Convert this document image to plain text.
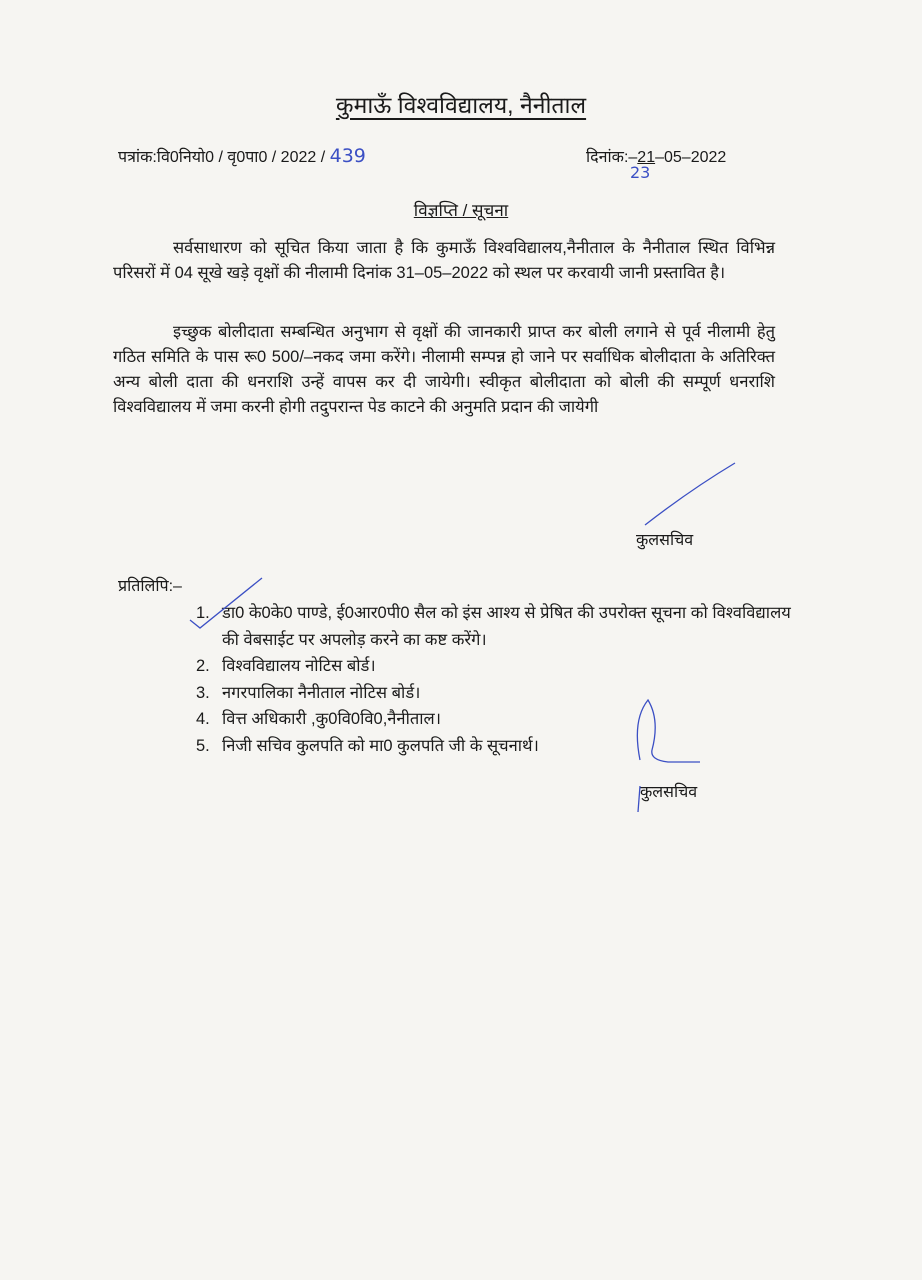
कुमाऊँ विश्वविद्यालय, नैनीताल
पत्रांक:वि0नियो0 / वृ0पा0 / 2022 / 439	दिनांक:–21–05–2022
23
विज्ञप्ति / सूचना

सर्वसाधारण को सूचित किया जाता है कि कुमाऊँ विश्वविद्यालय,नैनीताल के नैनीताल स्थित विभिन्न परिसरों में 04 सूखे खड़े वृक्षों की नीलामी दिनांक 31–05–2022 को स्थल पर करवायी जानी प्रस्तावित है।

इच्छुक बोलीदाता सम्बन्धित अनुभाग से वृक्षों की जानकारी प्राप्त कर बोली लगाने से पूर्व नीलामी हेतु गठित समिति के पास रू0 500/–नकद जमा करेंगे। नीलामी सम्पन्न हो जाने पर सर्वाधिक बोलीदाता के अतिरिक्त अन्य बोली दाता की धनराशि उन्हें वापस कर दी जायेगी। स्वीकृत बोलीदाता को बोली की सम्पूर्ण धनराशि विश्वविद्यालय में जमा करनी होगी तदुपरान्त पेड काटने की अनुमति प्रदान की जायेगी

कुलसचिव
प्रतिलिपि:–
1. डा0 के0के0 पाण्डे, ई0आर0पी0 सैल को इंस आश्य से प्रेषित की उपरोक्त सूचना को विश्वविद्यालय की वेबसाईट पर अपलोड़ करने का कष्ट करेंगे।
2. विश्वविद्यालय नोटिस बोर्ड।
3. नगरपालिका नैनीताल नोटिस बोर्ड।
4. वित्त अधिकारी ,कु0वि0वि0,नैनीताल।
5. निजी सचिव कुलपति को मा0 कुलपति जी के सूचनार्थ।
कुलसचिव
